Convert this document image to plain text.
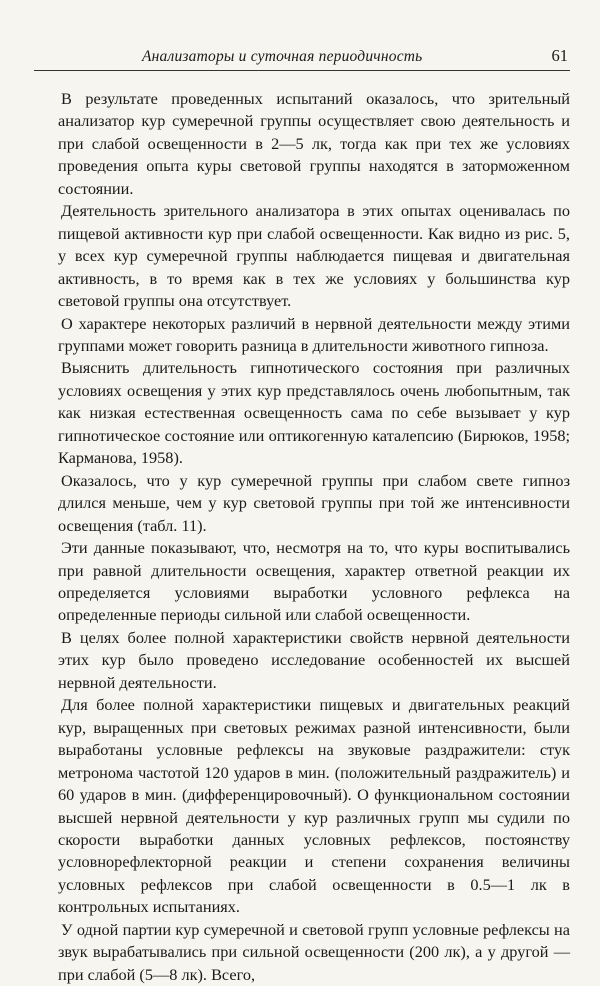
Анализаторы и суточная периодичность	61

В результате проведенных испытаний оказалось, что зрительный анализатор кур сумеречной группы осуществляет свою деятельность и при слабой освещенности в 2—5 лк, тогда как при тех же условиях проведения опыта куры световой группы находятся в заторможенном состоянии.

Деятельность зрительного анализатора в этих опытах оценивалась по пищевой активности кур при слабой освещенности. Как видно из рис. 5, у всех кур сумеречной группы наблюдается пищевая и двигательная активность, в то время как в тех же условиях у большинства кур световой группы она отсутствует.

О характере некоторых различий в нервной деятельности между этими группами может говорить разница в длительности животного гипноза.

Выяснить длительность гипнотического состояния при различных условиях освещения у этих кур представлялось очень любопытным, так как низкая естественная освещенность сама по себе вызывает у кур гипнотическое состояние или оптикогенную каталепсию (Бирюков, 1958; Карманова, 1958).

Оказалось, что у кур сумеречной группы при слабом свете гипноз длился меньше, чем у кур световой группы при той же интенсивности освещения (табл. 11).

Эти данные показывают, что, несмотря на то, что куры воспитывались при равной длительности освещения, характер ответной реакции их определяется условиями выработки условного рефлекса на определенные периоды сильной или слабой освещенности.

В целях более полной характеристики свойств нервной деятельности этих кур было проведено исследование особенностей их высшей нервной деятельности.

Для более полной характеристики пищевых и двигательных реакций кур, выращенных при световых режимах разной интенсивности, были выработаны условные рефлексы на звуковые раздражители: стук метронома частотой 120 ударов в мин. (положительный раздражитель) и 60 ударов в мин. (дифференцировочный). О функциональном состоянии высшей нервной деятельности у кур различных групп мы судили по скорости выработки данных условных рефлексов, постоянству условнорефлекторной реакции и степени сохранения величины условных рефлексов при слабой освещенности в 0.5—1 лк в контрольных испытаниях.

У одной партии кур сумеречной и световой групп условные рефлексы на звук вырабатывались при сильной освещенности (200 лк), а у другой — при слабой (5—8 лк). Всего,
